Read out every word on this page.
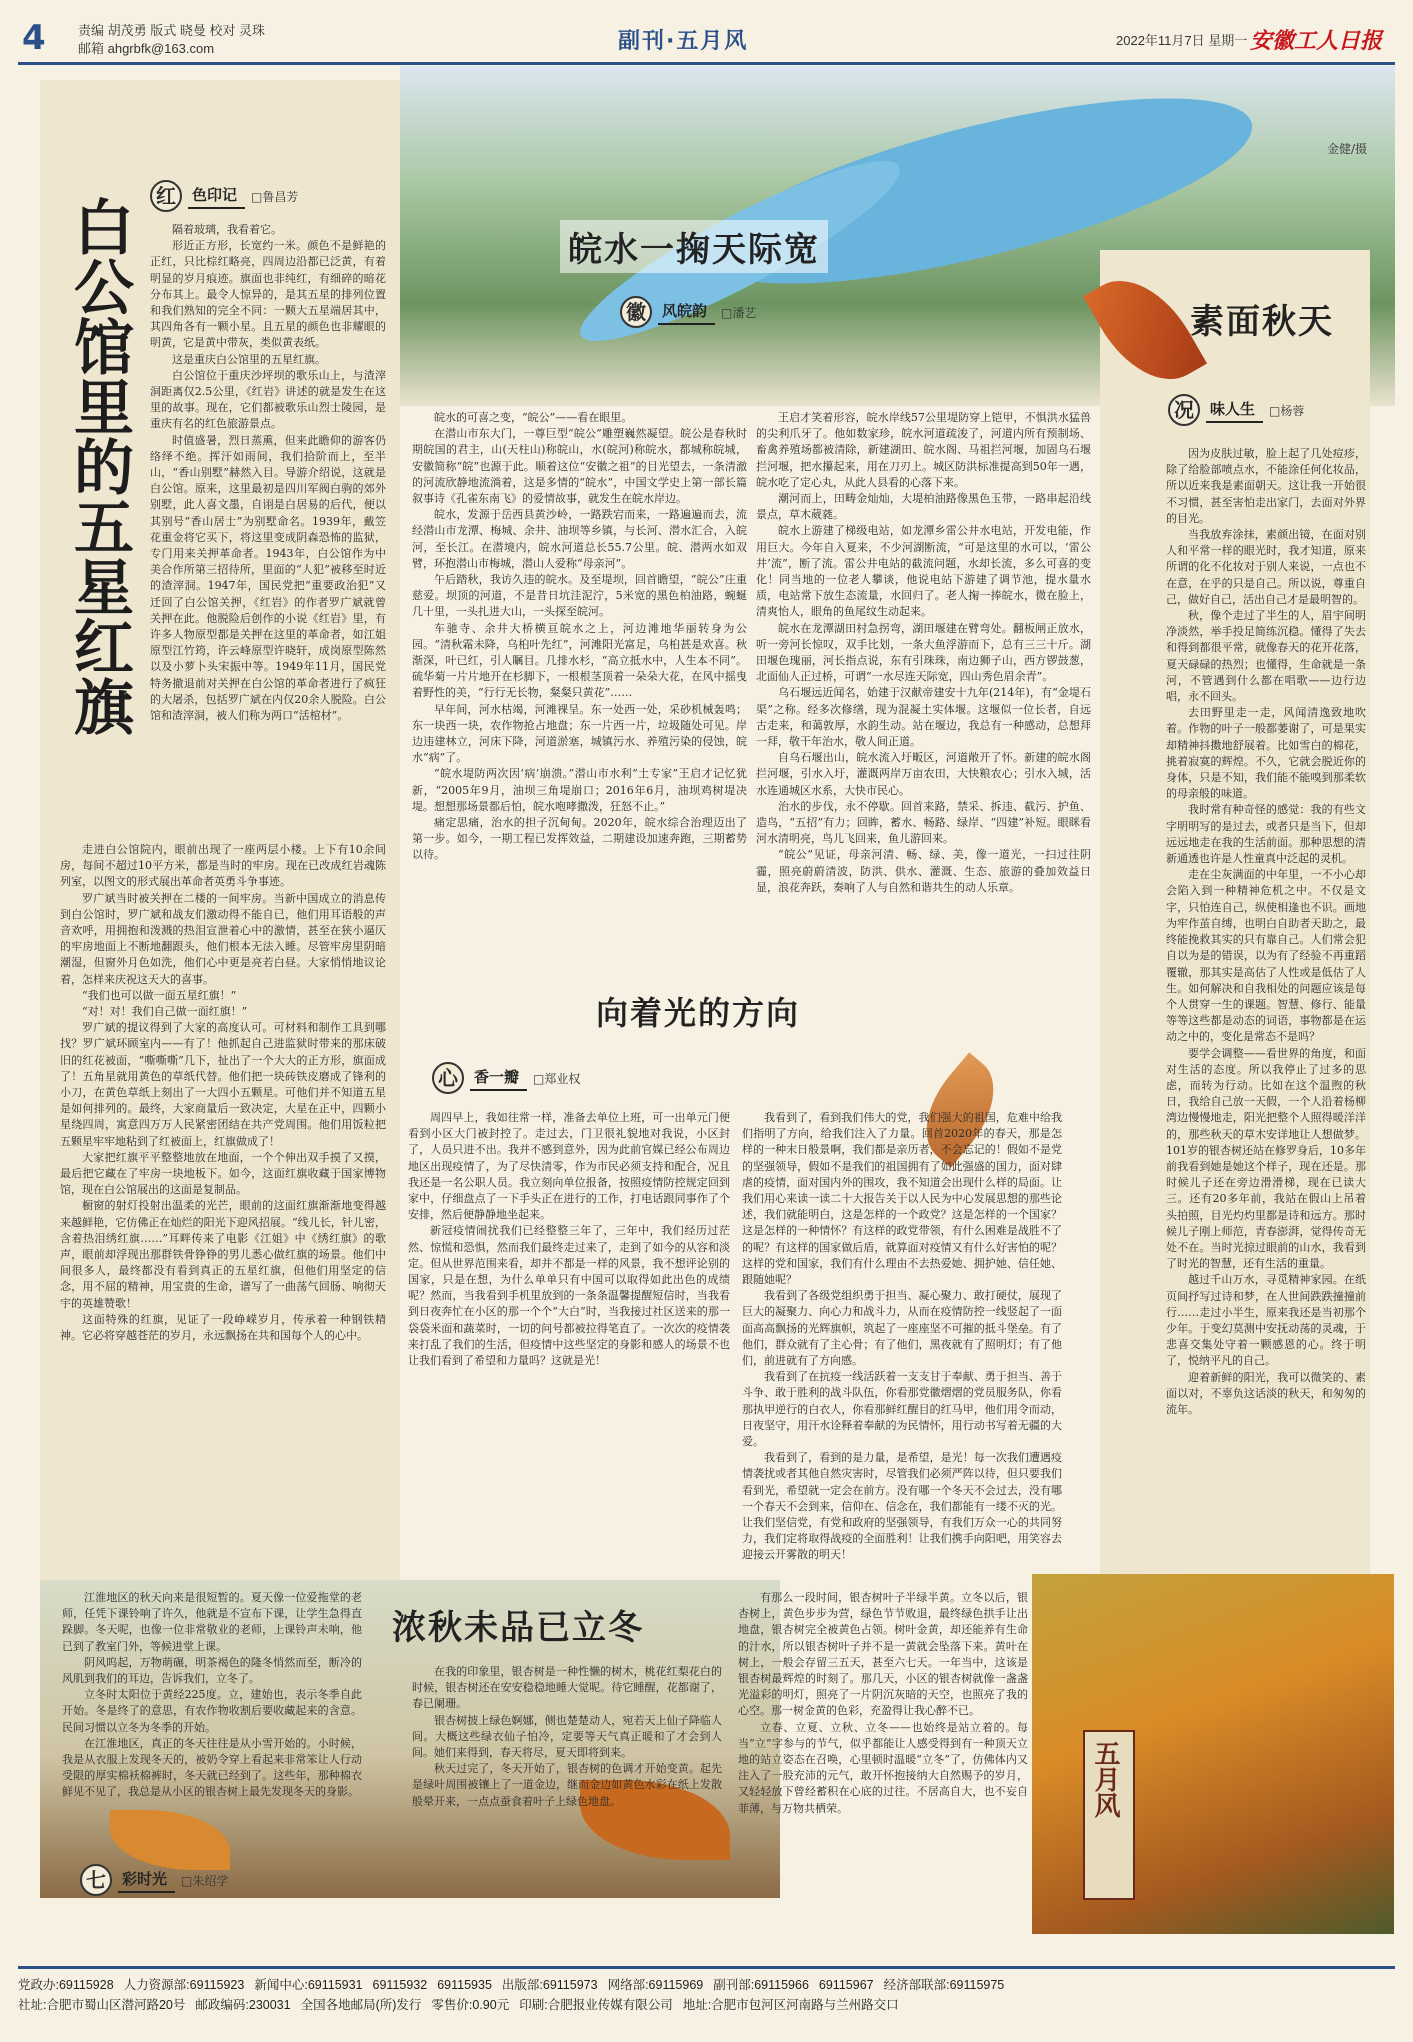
4 责编 胡茂勇 版式 晓曼 校对 灵珠
邮箱 ahgrbfk@163.com	副刊·五月风	2022年11月7日 星期一 安徽工人日报
金健/摄
白公馆里的五星红旗	红	色印记	□鲁昌芳

隔着玻璃，我看着它。

形近正方形，长宽约一米。颜色不是鲜艳的正红，只比棕红略亮，四周边沿都已泛黄，有着明显的岁月痕迹。旗面也非纯红，有细碎的暗花分布其上。最令人惊异的，是其五星的排列位置和我们熟知的完全不同：一颗大五星端居其中，其四角各有一颗小星。且五星的颜色也非耀眼的明黄，它是黄中带灰，类似黄表纸。

这是重庆白公馆里的五星红旗。

白公馆位于重庆沙坪坝的歌乐山上，与渣滓洞距离仅2.5公里，《红岩》讲述的就是发生在这里的故事。现在，它们都被歌乐山烈士陵园，是重庆有名的红色旅游景点。

时值盛暑，烈日蒸熏，但来此瞻仰的游客仍络绎不绝。挥汗如雨间，我们拾阶而上，至半山，“香山别墅”赫然入目。导游介绍说，这就是白公馆。原来，这里最初是四川军阀白驹的郊外别墅，此人喜文墨，自诩是白居易的后代，便以其别号“香山居士”为别墅命名。1939年，戴笠花重金将它买下，将这里变成阴森恐怖的监狱，专门用来关押革命者。1943年，白公馆作为中美合作所第三招待所，里面的“人犯”被移至时近的渣滓洞。1947年，国民党把“重要政治犯”又迁回了白公馆关押，《红岩》的作者罗广斌就曾关押在此。他脱险后创作的小说《红岩》里，有许多人物原型都是关押在这里的革命者，如江姐原型江竹筠，许云峰原型许晓轩，成岗原型陈然以及小萝卜头宋振中等。1949年11月，国民党特务撤退前对关押在白公馆的革命者进行了疯狂的大屠杀，包括罗广斌在内仅20余人脱险。白公馆和渣滓洞，被人们称为两口“活棺材”。

走进白公馆院内，眼前出现了一座两层小楼。上下有10余间房，每间不超过10平方米，都是当时的牢房。现在已改成红岩魂陈列室，以图文的形式展出革命者英勇斗争事迹。

罗广斌当时被关押在二楼的一间牢房。当新中国成立的消息传到白公馆时，罗广斌和战友们激动得不能自已，他们用耳语般的声音欢呼，用拥抱和泼溅的热泪宣泄着心中的激情，甚至在狭小逼仄的牢房地面上不断地翻跟头，他们根本无法入睡。尽管牢房里阴暗潮湿，但窗外月色如洗，他们心中更是亮若白昼。大家悄悄地议论着，怎样来庆祝这天大的喜事。

“我们也可以做一面五星红旗！”

“对！对！我们自己做一面红旗！”

罗广斌的提议得到了大家的高度认可。可材料和制作工具到哪找？罗广斌环顾室内——有了！他抓起自己进监狱时带来的那床破旧的红花被面，“嘶嘶嘶”几下，扯出了一个大大的正方形，旗面成了！五角星就用黄色的草纸代替。他们把一块砖铁皮磨成了锋利的小刀，在黄色草纸上刻出了一大四小五颗星。可他们并不知道五星是如何排列的。最终，大家商量后一致决定，大星在正中，四颗小星绕四周，寓意四万万人民紧密团结在共产党周围。他们用饭粒把五颗星牢牢地粘到了红被面上，红旗做成了！

大家把红旗平平整整地放在地面，一个个伸出双手摸了又摸，最后把它藏在了牢房一块地板下。如今，这面红旗收藏于国家博物馆，现在白公馆展出的这面是复制品。

橱窗的射灯投射出温柔的光芒，眼前的这面红旗渐渐地变得越来越鲜艳，它仿佛正在灿烂的阳光下迎风招展。“线儿长，针儿密，含着热泪绣红旗……”耳畔传来了电影《江姐》中《绣红旗》的歌声，眼前却浮现出那群铁骨铮铮的男儿悉心做红旗的场景。他们中间很多人，最终都没有看到真正的五星红旗，但他们用坚定的信念，用不屈的精神，用宝贵的生命，谱写了一曲荡气回肠、响彻天宇的英雄赞歌！

这面特殊的红旗，见证了一段峥嵘岁月，传承着一种钢铁精神。它必将穿越苍茫的岁月，永远飘扬在共和国每个人的心中。

皖水一掬天际宽
徽	风皖韵	□潘艺

皖水的可喜之变，“皖公”——看在眼里。

在潜山市东大门，一尊巨型“皖公”雕塑巍然凝望。皖公是春秋时期皖国的君主，山(天柱山)称皖山，水(皖河)称皖水，都城称皖城，安徽简称“皖”也源于此。顺着这位“安徽之祖”的目光望去，一条清澈的河流欣静地流淌着，这是多情的“皖水”，中国文学史上第一部长篇叙事诗《孔雀东南飞》的爱情故事，就发生在皖水岸边。

皖水，发源于岳西县黄沙岭，一路跌宕而来，一路遍遍而去，流经潜山市龙潭、梅城、余井、油坝等乡镇，与长河、潜水汇合，入皖河，至长江。在潜境内，皖水河道总长55.7公里。皖、潜两水如双臂，环抱潜山市梅城，潜山人爱称“母亲河”。

午后踏秋，我访久违的皖水。及至堤坝，回首瞻望，“皖公”庄重慈爱。坝顶的河道，不是昔日坑洼泥泞，5米宽的黑色柏油路，蜿蜒几十里，一头扎进大山，一头探至皖河。

车驰寺、余井大桥横亘皖水之上，河边滩地华丽转身为公园。“清秋霜未降，乌桕叶先红”，河滩阳光富足，乌桕甚是欢喜。秋渐深，叶已红，引人瞩目。几排水杉，“高立抵水中，人生本不同”。硫华菊一片片地开在杉脚下，一根根茎顶着一朵朵大花，在风中摇曳着野性的美，“行行无长物，粲粲只黄花”……

早年间，河水枯竭，河滩裸呈。东一处西一处，采砂机械轰鸣；东一块西一块，农作物抢占地盘；东一片西一片，垃圾随处可见。岸边违建林立，河床下降，河道淤塞，城镇污水、养殖污染的侵蚀，皖水“病”了。

“皖水堤防两次因‘病’崩溃。”潜山市水利“土专家”王启才记忆犹新，“2005年9月，油坝三角堤崩口；2016年6月，油坝鸡树堤决堤。想想那场景都后怕，皖水咆哮撒泼，狂怒不止。”

痛定思痛，治水的担子沉甸甸。2020年，皖水综合治理迈出了第一步。如今，一期工程已发挥效益，二期建设加速奔跑，三期蓄势以待。

王启才笑着形容，皖水岸线57公里堤防穿上铠甲，不惧洪水猛兽的尖利爪牙了。他如数家珍，皖水河道疏浚了，河道内所有预制场、畜禽养殖场都被清除，新建湖田、皖水阁、马祖拦河堰，加固乌石堰拦河堰，把水攥起来，用在刀刃上。城区防洪标准提高到50年一遇，皖水吃了定心丸，从此人县看的心落下来。

潮河而上，田畴金灿灿，大堤柏油路像黑色玉带，一路串起沿线景点，草木葳蕤。

皖水上游建了梯级电站，如龙潭乡雷公井水电站，开发电能，作用巨大。今年自入夏来，不少河湖断流，“可是这里的水可以，‘雷公井’流”，断了流。雷公井电站的截流问题，水却长流，多么可喜的变化！同当地的一位老人攀谈，他说电站下游建了调节池，提水量水质，电站常下放生态流量，水回归了。老人掬一捧皖水，微在脸上，清爽怡人，眼角的鱼尾纹生动起来。

皖水在龙潭湖田村急拐弯，湖田堰建在臂弯处。翻板闸正放水，听一旁河长惊叹，双手比划，一条大鱼浮游而下，总有三三十斤。湖田堰色瑰丽，河长指点说，东有引珠珠，南边狮子山，西方锣鼓葱，北面仙人正过桥，可谓“一水尽连天际宽，四山秀色眉余青”。

乌石堰远近闻名，始建于汉献帝建安十九年(214年)，有“金堤石渠”之称。经多次修缮，现为混凝土实体堰。这堰似一位长者，自远古走来，和蔼敦厚，水韵生动。站在堰边，我总有一种感动，总想拜一拜，敬干年治水，敬人间正道。

自乌石堰出山，皖水流入圩畈区，河道敞开了怀。新建的皖水阁拦河堰，引水入圩，灌溉两岸万亩农田，大快粮农心；引水入城，活水连通城区水系，大快市民心。

治水的步伐，永不停歇。回首来路，禁采、拆违、截污、护鱼、造鸟，“五招”有力；回眸，蓄水、畅路、绿岸、“四建”补短。眼眯看河水清明亮，鸟儿飞回来，鱼儿游回来。

“皖公”见证，母亲河清、畅、绿、美，像一道光，一扫过往阴霾，照亮蔚蔚清波，防洪、供水、灌溉、生态、旅游的叠加效益日显，浪花奔跃，奏响了人与自然和谐共生的动人乐章。

素面秋天
况	味人生	□杨蓉

因为皮肤过敏，脸上起了几处痘疹，除了给脸部喷点水，不能涂任何化妆品，所以近来我是素面朝天。这让我一开始很不习惯，甚至害怕走出家门，去面对外界的目光。

当我放弃涂抹，素颜出镜，在面对别人和平常一样的眼光时，我才知道，原来所谓的化不化妆对于别人来说，一点也不在意，在乎的只是自己。所以说，尊重自己，做好自己，活出自己才是最明智的。

秋，像个走过了半生的人，眉宇间明净淡然，举手投足简练沉稳。懂得了失去和得到都很平常，就像春天的花开花落，夏天碌碌的热烈；也懂得，生命就是一条河，不管遇到什么都在唱歌——边行边唱，永不回头。

去田野里走一走，风闻清逸致地吹着。作物的叶子一般都萎谢了，可是果实却精神抖擞地舒展着。比如雪白的棉花，挑着寂寞的辉煌。不久，它就会脱近你的身体，只是不知，我们能不能嗅到那柔软的母亲般的味道。

我时常有种奇怪的感觉：我的有些文字明明写的是过去，或者只是当下，但却远远地走在我的生活前面。那种思想的清新通透也许是人性童真中泛起的灵机。

走在尘灰满面的中年里，一不小心却会陷入到一种精神危机之中。不仅是文字，只怕连自己，纵使相逢也不识。画地为牢作茧自缚，也明白自助者天助之，最终能挽救其实的只有靠自己。人们常会犯自以为是的错误，以为有了经验不再重蹈覆辙，那其实是高估了人性或是低估了人生。如何解决和自我相处的问题应该是每个人贯穿一生的课题。智慧、修行、能量等等这些都是动态的词语，事物都是在运动之中的，变化是常态不是吗？

要学会调整——看世界的角度，和面对生活的态度。所以我停止了过多的思虑，而转为行动。比如在这个温煦的秋日，我给自己放一天假，一个人沿着杨柳湾边慢慢地走，阳光把整个人照得暖洋洋的，那些秋天的草木安详地让人想做梦。101岁的银杏树还站在修罗身后，10多年前我看到她是她这个样子，现在还是。那时候儿子还在旁边滑滑梯，现在已读大三。还有20多年前，我站在假山上吊着头拍照，目光灼灼里都是诗和远方。那时候儿子刚上师范，青春澎湃，觉得传奇无处不在。当时光掠过眼前的山水，我看到了时光的智慧，还有生活的重量。

越过千山万水，寻觅精神家园。在纸页间抒写过诗和梦，在人世间跌跌撞撞前行……走过小半生，原来我还是当初那个少年。于变幻莫测中安抚动荡的灵魂，于悲喜交集处守着一颗感恩的心。终于明了，悦纳平凡的自己。

迎着新鲜的阳光，我可以微笑的、素面以对，不辜负这话淡的秋天，和匆匆的流年。

向着光的方向
心	香一瓣	□郑业权

周四早上，我如往常一样，准备去单位上班，可一出单元门便看到小区大门被封控了。走过去，门卫很礼貌地对我说，小区封了，人员只进不出。我并不感到意外，因为此前官媒已经公布周边地区出现疫情了，为了尽快清零，作为市民必须支持和配合，况且我还是一名公职人员。我立刻向单位报备，按照疫情防控规定回到家中，仔细盘点了一下手头正在进行的工作，打电话跟同事作了个安排，然后便静静地坐起来。

新冠疫情闹扰我们已经整整三年了，三年中，我们经历过茫然、惊慌和恐惧，然而我们最终走过来了，走到了如今的从容和淡定。但从世界范围来看，却并不都是一样的风景，我不想评论别的国家，只是在想，为什么单单只有中国可以取得如此出色的成绩呢？然而，当我看到手机里放到的一条条温馨提醒短信时，当我看到日夜奔忙在小区的那一个个“大白”时，当我接过社区送来的那一袋袋米面和蔬菜时，一切的问号都被拉得笔直了。一次次的疫情袭来打乱了我们的生活，但疫情中这些坚定的身影和感人的场景不也让我们看到了希望和力量吗？这就是光！

我看到了，看到我们伟大的党，我们强大的祖国，危难中给我们指明了方向，给我们注入了力量。回首2020年的春天，那是怎样的一种末日般景啊，我们都是亲历者，不会忘记的！假如不是党的坚强领导，假如不是我们的祖国拥有了如此强盛的国力，面对肆虐的疫情，面对国内外的围攻，我不知道会出现什么样的局面。让我们用心来读一读二十大报告关于以人民为中心发展思想的那些论述，我们就能明白，这是怎样的一个政党？这是怎样的一个国家？这是怎样的一种情怀？有这样的政党带领，有什么困难是战胜不了的呢？有这样的国家做后盾，就算面对疫情又有什么好害怕的呢？这样的党和国家，我们有什么理由不去热爱她、拥护她、信任她、跟随她呢？

我看到了各级党组织勇于担当、凝心聚力、敢打硬仗，展现了巨大的凝聚力、向心力和战斗力，从而在疫情防控一线竖起了一面面高高飘扬的光辉旗帜，筑起了一座座坚不可摧的抵斗堡垒。有了他们，群众就有了主心骨；有了他们，黑夜就有了照明灯；有了他们，前进就有了方向感。

我看到了在抗疫一线活跃着一支支甘于奉献、勇于担当、善于斗争、敢于胜利的战斗队伍，你看那党徽熠熠的党员服务队，你看那执甲逆行的白衣人，你看那鲜红醒目的红马甲，他们用令而动，日夜坚守，用汗水诠释着奉献的为民情怀，用行动书写着无疆的大爱。

我看到了，看到的是力量，是希望，是光！每一次我们遭遇疫情袭扰或者其他自然灾害时，尽管我们必须严阵以待，但只要我们看到光，希望就一定会在前方。没有哪一个冬天不会过去，没有哪一个春天不会到来，信仰在、信念在，我们都能有一缕不灭的光。让我们坚信党，有党和政府的坚强领导，有我们万众一心的共同努力，我们定将取得战疫的全面胜利！让我们携手向阳吧，用笑容去迎接云开雾散的明天！

浓秋未品已立冬
七	彩时光	□朱绍学

江淮地区的秋天向来是很短暂的。夏天像一位爱拖堂的老师，任凭下课铃响了许久，他就是不宣布下课，让学生急得直跺脚。冬天呢，也像一位非常敬业的老师，上课铃声未响，他已到了教室门外，等候进堂上课。

阴风呜起，万物萌碾，明茶褐色的隆冬悄然而至，断冷的风肌到我们的耳边，告诉我们，立冬了。

立冬时太阳位于黄经225度。立，建始也，表示冬季自此开始。冬是终了的意思，有农作物收割后要收藏起来的含意。民间习惯以立冬为冬季的开始。

在江淮地区，真正的冬天往往是从小雪开始的。小时候，我是从衣服上发现冬天的，被奶令穿上看起来非常笨让人行动受限的厚实棉袄棉裤时，冬天就已经到了。这些年，那种棉衣鲜见不见了，我总是从小区的银杏树上最先发现冬天的身影。

在我的印象里，银杏树是一种性懒的树木，桃花红梨花白的时候，银杏树还在安安稳稳地睡大觉呢。待它睡醒，花都谢了，春已阑珊。

银杏树披上绿色婀娜，侧也楚楚动人，宛若天上仙子降临人间。大概这些绿衣仙子怕冷，定要等天气真正暖和了才会到人间。她们来得到，春天将尽，夏天即将到来。

秋天过完了，冬天开始了，银杏树的色调才开始变黄。起先是绿叶周围被镶上了一道金边，继而金边如黄色水彩在纸上发散般晕开来，一点点蚕食着叶子上绿色地盘。

有那么一段时间，银杏树叶子半绿半黄。立冬以后，银杏树上，黄色步步为营，绿色节节败退，最终绿色拱手让出地盘，银杏树完全被黄色占领。树叶金黄，却还能养有生命的汁水，所以银杏树叶子并不是一黄就会坠落下来。黄叶在树上，一般会存留三五天，甚至六七天。一年当中，这该是银杏树最辉煌的时刻了。那几天，小区的银杏树就像一盏盏光溢彩的明灯，照亮了一片阴沉灰暗的天空，也照亮了我的心空。那一树金黄的色彩，充盈得让我心醉不已。

立春、立夏、立秋、立冬——也始终是站立着的。每当“立”字参与的节气，似乎都能让人感受得到有一种顶天立地的站立姿态在召唤，心里顿时温暖“立冬”了，仿佛体内又注入了一股充沛的元气，敢开怀抱接纳大自然赐予的岁月，又轻轻放下曾经蓄积在心底的过往。不居高自大，也不妄自菲薄，与万物共栖荣。	五月风
党政办:69115928 人力资源部:69115923 新闻中心:69115931 69115932 69115935 出版部:69115973 网络部:69115969 副刊部:69115966 69115967 经济部联部:69115975
社址:合肥市蜀山区潜河路20号 邮政编码:230031 全国各地邮局(所)发行 零售价:0.90元 印刷:合肥报业传媒有限公司 地址:合肥市包河区河南路与兰州路交口
